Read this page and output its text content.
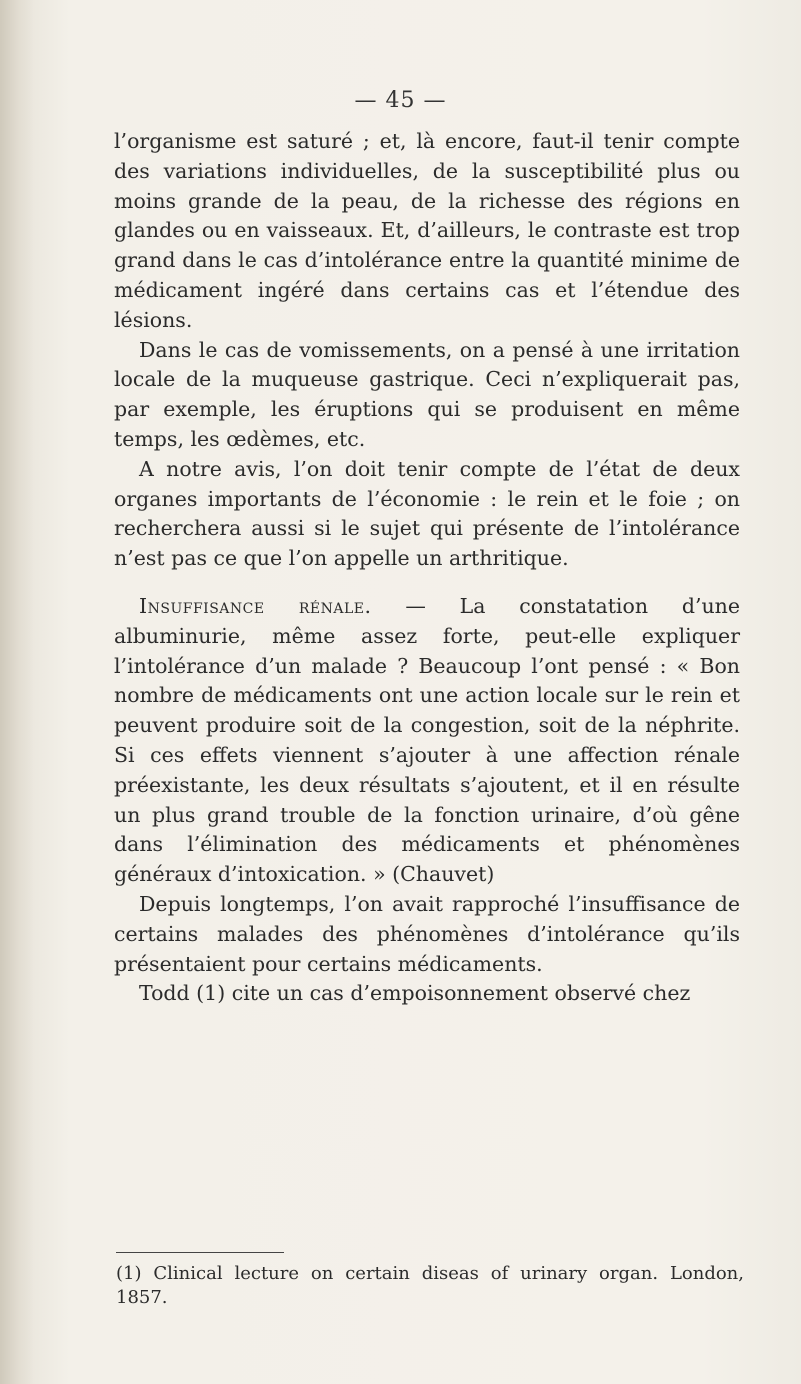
— 45 —

l’organisme est saturé ; et, là encore, faut-il tenir compte des variations individuelles, de la susceptibilité plus ou moins grande de la peau, de la richesse des régions en glandes ou en vaisseaux. Et, d’ailleurs, le contraste est trop grand dans le cas d’intolérance entre la quantité minime de médicament ingéré dans certains cas et l’étendue des lésions.

Dans le cas de vomissements, on a pensé à une irritation locale de la muqueuse gastrique. Ceci n’expliquerait pas, par exemple, les éruptions qui se produisent en même temps, les œdèmes, etc.

A notre avis, l’on doit tenir compte de l’état de deux organes importants de l’économie : le rein et le foie ; on recherchera aussi si le sujet qui présente de l’intolérance n’est pas ce que l’on appelle un arthritique.

Insuffisance rénale. — La constatation d’une albuminurie, même assez forte, peut-elle expliquer l’intolérance d’un malade ? Beaucoup l’ont pensé : « Bon nombre de médicaments ont une action locale sur le rein et peuvent produire soit de la congestion, soit de la néphrite. Si ces effets viennent s’ajouter à une affection rénale préexistante, les deux résultats s’ajoutent, et il en résulte un plus grand trouble de la fonction urinaire, d’où gêne dans l’élimination des médicaments et phénomènes généraux d’intoxication. » (Chauvet)

Depuis longtemps, l’on avait rapproché l’insuffisance de certains malades des phénomènes d’intolérance qu’ils présentaient pour certains médicaments.

Todd (1) cite un cas d’empoisonnement observé chez

(1) Clinical lecture on certain diseas of urinary organ. London, 1857.
